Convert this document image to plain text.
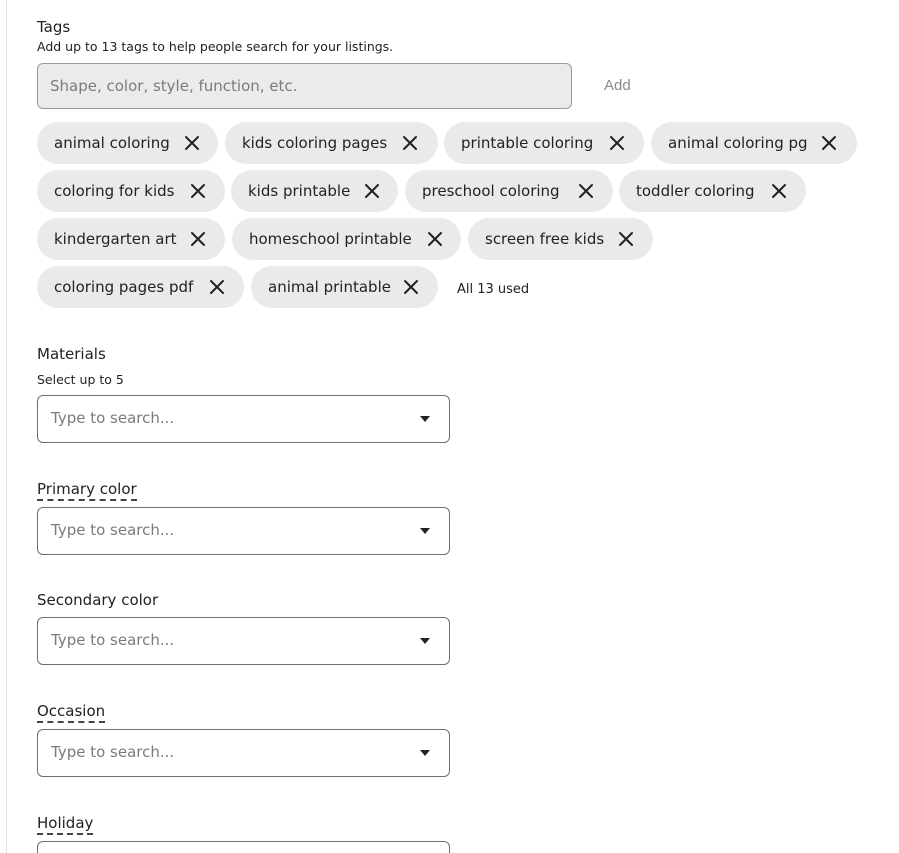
Tags
Add up to 13 tags to help people search for your listings.
Shape, color, style, function, etc.
Add
animal coloring	kids coloring pages	printable coloring	animal coloring pg
coloring for kids	kids printable	preschool coloring	toddler coloring
kindergarten art	homeschool printable	screen free kids
coloring pages pdf	animal printable	All 13 used
Materials
Select up to 5
Type to search...
Primary color
Type to search...
Secondary color
Type to search...
Occasion
Type to search...
Holiday
